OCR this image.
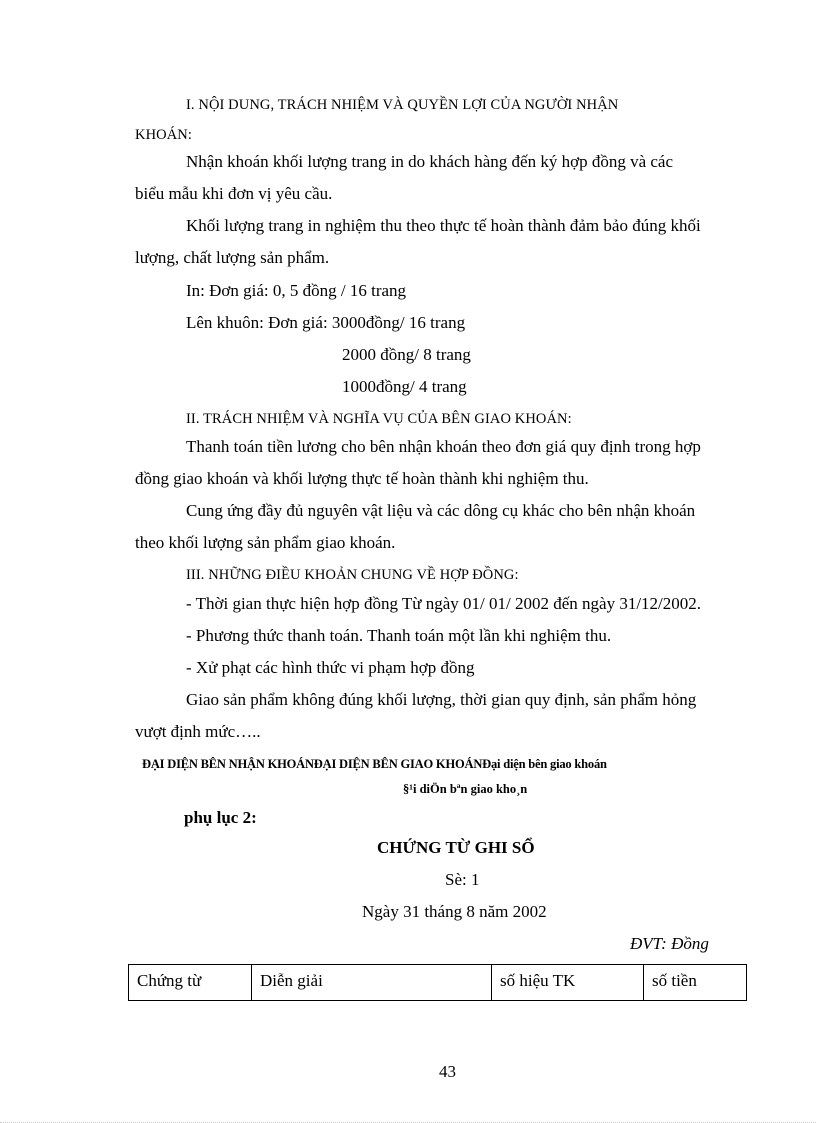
I. NỘI DUNG, TRÁCH NHIỆM VÀ QUYỀN LỢI CỦA NGƯỜI NHẬN
KHOÁN:
Nhận khoán khối lượng trang in do khách hàng đến ký hợp đồng và các
biểu mẫu khi đơn vị yêu cầu.
Khối lượng trang in nghiệm thu theo thực tế hoàn thành đảm bảo đúng khối
lượng, chất lượng sản phẩm.
In: Đơn giá: 0, 5 đồng / 16 trang
Lên khuôn: Đơn giá: 3000đồng/ 16 trang
2000 đồng/ 8 trang
1000đồng/ 4 trang
II. TRÁCH NHIỆM VÀ NGHĨA VỤ CỦA BÊN GIAO KHOÁN:
Thanh toán tiền lương cho bên nhận khoán theo đơn giá quy định trong hợp
đồng giao khoán và khối lượng thực tế hoàn thành khi nghiệm thu.
Cung ứng đầy đủ nguyên vật liệu và các dông cụ khác cho bên nhận khoán
theo khối lượng sản phẩm giao khoán.
III. NHỮNG ĐIỀU KHOẢN CHUNG VỀ HỢP ĐỒNG:
- Thời gian thực hiện hợp đồng Từ ngày 01/ 01/ 2002 đến ngày 31/12/2002.
- Phương thức thanh toán. Thanh toán một lần khi nghiệm thu.
- Xử phạt các hình thức vi phạm hợp đồng
Giao sản phẩm không đúng khối lượng, thời gian quy định, sản phẩm hỏng
vượt định mức…..
ĐẠI DIỆN BÊN NHẬN KHOÁNĐẠI DIỆN BÊN GIAO KHOÁNĐại diện bên giao khoán
§¹i diÖn bªn giao kho¸n
phụ lục 2:
CHỨNG TỪ GHI SỔ
Sè: 1
Ngày 31 tháng 8 năm 2002
ĐVT: Đồng
Chứng từ	Diễn giải	số hiệu TK	số tiền
43
